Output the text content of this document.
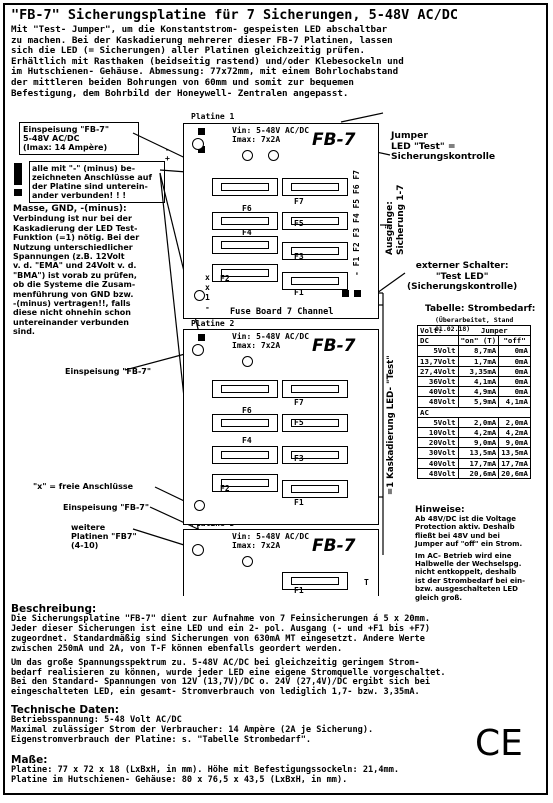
"FB-7" Sicherungsplatine für 7 Sicherungen, 5-48V AC/DC

Mit "Test- Jumper", um die Konstantstrom- gespeisten LED abschaltbar

zu machen. Bei der Kaskadierung mehrerer dieser FB-7 Platinen, lassen

sich die LED (= Sicherungen) aller Platinen gleichzeitig prüfen.

Erhältlich mit Rasthaken (beidseitig rastend) und/oder Klebesockeln und

im Hutschienen- Gehäuse. Abmessung: 77x72mm, mit einem Bohrlochabstand

der mittleren beiden Bohrungen von 60mm und somit zur bequemen

Befestigung, dem Bohrbild der Honeywell- Zentralen angepasst.

Einspeisung "FB-7"
5-48V AC/DC
(Imax: 14 Ampère)
alle mit "-" (minus) be-
zeichneten Anschlüsse auf
der Platine sind unterein-
ander verbunden! ! !
Masse, GND, -(minus):
Verbindung ist nur bei der
Kaskadierung der LED Test-
Funktion (=1) nötig. Bei der
Nutzung unterschiedlicher
Spannungen (z.B. 12Volt
v. d. "EMA" und 24Volt v. d.
"BMA") ist vorab zu prüfen,
ob die Systeme die Zusam-
menführung von GND bzw.
-(minus) vertragen!!, falls
diese nicht ohnehin schon
untereinander verbunden
sind.
Einspeisung "FB-7"
"x" = freie Anschlüsse
Einspeisung "FB-7"
weitere
Platinen "FB7"
(4-10)
Platine 1
Platine 2
Vin: 5-48V AC/DC
Imax: 7x2A FB-7
F7
F6
F5
F4
F3
F2
F1
- F1 F2 F3 F4 F5 F6 F7
Fuse Board 7 Channel
-
+
x
x
1
-
Vin: 5-48V AC/DC
Imax: 7x2A FB-7
F7
F6
F5
F4
F3
F2
F1
Vin: 5-48V AC/DC
Imax: 7x2A FB-7
F1
T
Jumper
LED "Test" =
Sicherungskontrolle
Ausgänge: Sicherung 1-7
externer Schalter:
"Test LED"
(Sicherungskontrolle)
=1 Kaskadierung LED- "Test"
Tabelle: Strombedarf:
(Überarbeitet, Stand 01.02.18)
Volt:	Jumper	
DC	"on" (T)	"off"
5Volt	8,7mA	0mA
13,7Volt	1,7mA	0mA
27,4Volt	3,35mA	0mA
36Volt	4,1mA	0mA
40Volt	4,9mA	0mA
48Volt	5,9mA	4,1mA
AC		
5Volt	2,0mA	2,0mA
10Volt	4,2mA	4,2mA
20Volt	9,0mA	9,0mA
30Volt	13,5mA	13,5mA
40Volt	17,7mA	17,7mA
48Volt	20,6mA	20,6mA
Hinweise:
Ab 48V/DC ist die Voltage
Protection aktiv. Deshalb
fließt bei 48V und bei
Jumper auf "off" ein Strom.
Im AC- Betrieb wird eine
Halbwelle der Wechselspg.
nicht entkoppelt, deshalb
ist der Strombedarf bei ein-
bzw. ausgeschalteten LED
gleich groß.
Beschreibung:
Die Sicherungsplatine "FB-7" dient zur Aufnahme von 7 Feinsicherungen á 5 x 20mm.
Jeder dieser Sicherungen ist eine LED und ein 2- pol. Ausgang (- und +F1 bis +F7)
zugeordnet. Standardmäßig sind Sicherungen von 630mA MT eingesetzt. Andere Werte
zwischen 250mA und 2A, von T-F können ebenfalls geordert werden.
Um das große Spannungsspektrum zu. 5-48V AC/DC bei gleichzeitig geringem Strom-
bedarf realisieren zu können, wurde jeder LED eine eigene Stromquelle vorgeschaltet.
Bei den Standard- Spannungen von 12V (13,7V)/DC o. 24V (27,4V)/DC ergibt sich bei
eingeschalteten LED, ein gesamt- Stromverbrauch von lediglich 1,7- bzw. 3,35mA.
Technische Daten:
Betriebsspannung: 5-48 Volt AC/DC
Maximal zulässiger Strom der Verbraucher: 14 Ampère (2A je Sicherung).
Eigenstromverbrauch der Platine: s. "Tabelle Strombedarf".
Maße:
Platine: 77 x 72 x 18 (LxBxH, in mm). Höhe mit Befestigungssockeln: 21,4mm.
Platine im Hutschienen- Gehäuse: 80 x 76,5 x 43,5 (LxBxH, in mm).
CE
